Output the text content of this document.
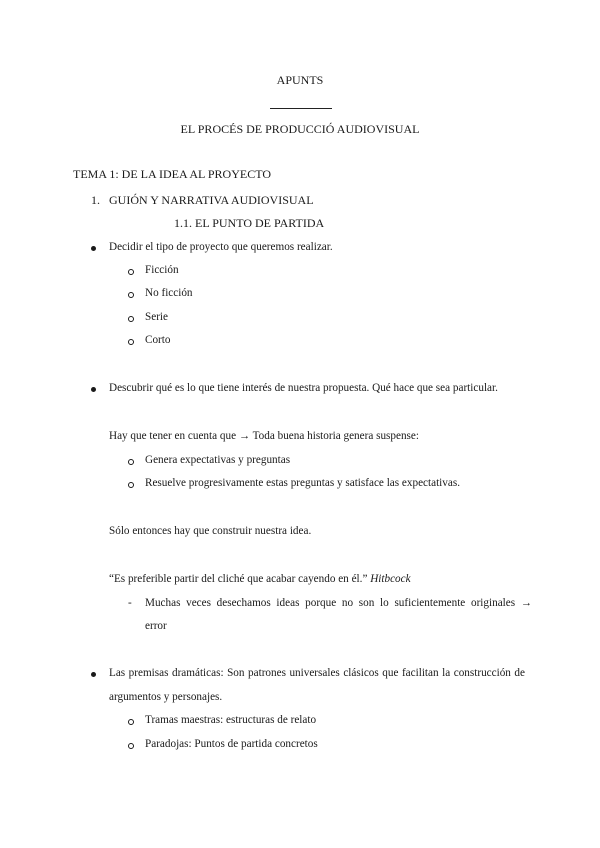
APUNTS
EL PROCÉS DE PRODUCCIÓ AUDIOVISUAL
TEMA 1: DE LA IDEA AL PROYECTO
1. GUIÓN Y NARRATIVA AUDIOVISUAL
1.1. EL PUNTO DE PARTIDA
Decidir el tipo de proyecto que queremos realizar.
Ficción
No ficción
Serie
Corto
Descubrir qué es lo que tiene interés de nuestra propuesta. Qué hace que sea particular.
Hay que tener en cuenta que → Toda buena historia genera suspense:
Genera expectativas y preguntas
Resuelve progresivamente estas preguntas y satisface las expectativas.
Sólo entonces hay que construir nuestra idea.
“Es preferible partir del cliché que acabar cayendo en él.” Hitbcock
- Muchas veces desechamos ideas porque no son lo suficientemente originales →
error
Las premisas dramáticas: Son patrones universales clásicos que facilitan la construcción de
argumentos y personajes.
Tramas maestras: estructuras de relato
Paradojas: Puntos de partida concretos
